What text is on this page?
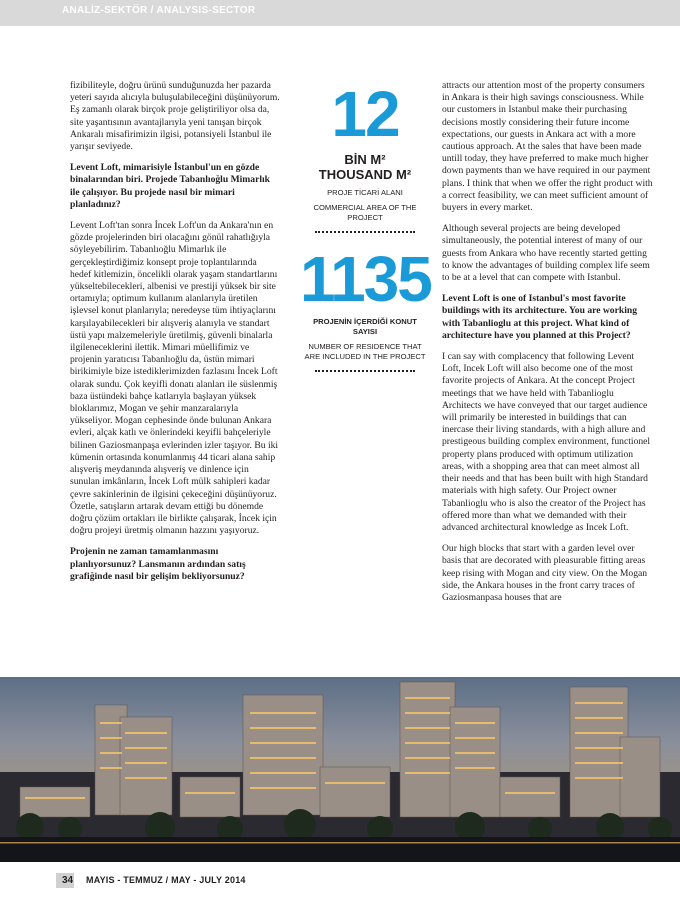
ANALİZ-SEKTÖR / ANALYSIS-SECTOR

fizibiliteyle, doğru ürünü sunduğunuzda her pazarda yeteri sayıda alıcıyla buluşulabileceğini düşünüyorum. Eş zamanlı olarak birçok proje geliştiriliyor olsa da, site yaşantısının avantajlarıyla yeni tanışan birçok Ankaralı misafirimizin ilgisi, potansiyeli İstanbul ile yarışır seviyede.

Levent Loft, mimarisiyle İstanbul'un en gözde binalarından biri. Projede Tabanlıoğlu Mimarlık ile çalışıyor. Bu projede nasıl bir mimari planladınız?

Levent Loft'tan sonra İncek Loft'un da Ankara'nın en gözde projelerinden biri olacağını gönül rahatlığıyla söyleyebilirim. Tabanlıoğlu Mimarlık ile gerçekleştirdiğimiz konsept proje toplantılarında hedef kitlemizin, öncelikli olarak yaşam standartlarını yükseltebilecekleri, albenisi ve prestiji yüksek bir site ortamıyla; optimum kullanım alanlarıyla üretilen işlevsel konut planlarıyla; neredeyse tüm ihtiyaçlarını karşılayabilecekleri bir alışveriş alanıyla ve standart üstü yapı malzemeleriyle üretilmiş, güvenli binalarla ilgileneceklerini ilettik. Mimari müellifimiz ve projenin yaratıcısı Tabanlıoğlu da, üstün mimari birikimiyle bize istediklerimizden fazlasını İncek Loft olarak sundu. Çok keyifli donatı alanları ile süslenmiş baza üstündeki bahçe katlarıyla başlayan yüksek bloklarımız, Mogan ve şehir manzaralarıyla yükseliyor. Mogan cephesinde önde bulunan Ankara evleri, alçak katlı ve önlerindeki keyifli bahçeleriyle bilinen Gaziosmanpaşa evlerinden izler taşıyor. Bu iki kümenin ortasında konumlanmış 44 ticari alana sahip alışveriş meydanında alışveriş ve dinlence için sunulan imkânların, İncek Loft mülk sahipleri kadar çevre sakinlerinin de ilgisini çekeceğini düşünüyoruz. Özetle, satışların artarak devam ettiği bu dönemde doğru çözüm ortakları ile birlikte çalışarak, İncek için doğru projeyi üretmiş olmanın hazzını yaşıyoruz.

Projenin ne zaman tamamlanmasını planlıyorsunuz? Lansmanın ardından satış grafiğinde nasıl bir gelişim bekliyorsunuz?

12
BİN M²
THOUSAND M²
PROJE TİCARİ ALANI
COMMERCIAL AREA OF THE PROJECT
1135
PROJENİN İÇERDİĞİ KONUT SAYISI
NUMBER OF RESIDENCE THAT ARE INCLUDED IN THE PROJECT

attracts our attention most of the property consumers in Ankara is their high savings consciousness. While our customers in Istanbul make their purchasing decisions mostly considering their future income expectations, our guests in Ankara act with a more cautious approach. At the sales that have been made untill today, they have preferred to make much higher down payments than we have required in our payment plans. I think that when we offer the right product with a correct feasibility, we can meet sufficient amount of buyers in every market.

Although several projects are being developed simultaneously, the potential interest of many of our guests from Ankara who have recently started getting to know the advantages of building complex life seem to be at a level that can compete with Istanbul.

Levent Loft is one of Istanbul's most favorite buildings with its architecture. You are working with Tabanlioglu at this project. What kind of architecture have you planned at this Project?

I can say with complacency that following Levent Loft, Incek Loft will also become one of the most favorite projects of Ankara. At the concept Project meetings that we have held with Tabanlioglu Architects we have conveyed that our target audience will primarily be interested in buildings that can inercase their living standards, with a high allure and prestigeous building complex environment, functionel property plans produced with optimum utilization areas, with a shopping area that can meet almost all their needs and that has been built with high Standard materials with high safety. Our Project owner Tabanlioglu who is also the creator of the Project has offered more than what we demanded with their advanced architectural knowledge as Incek Loft.

Our high blocks that start with a garden level over basis that are decorated with pleasurable fitting areas keep rising with Mogan and city view. On the Mogan side, the Ankara houses in the front carry traces of Gaziosmanpasa houses that are

34 MAYIS - TEMMUZ / MAY - JULY 2014
